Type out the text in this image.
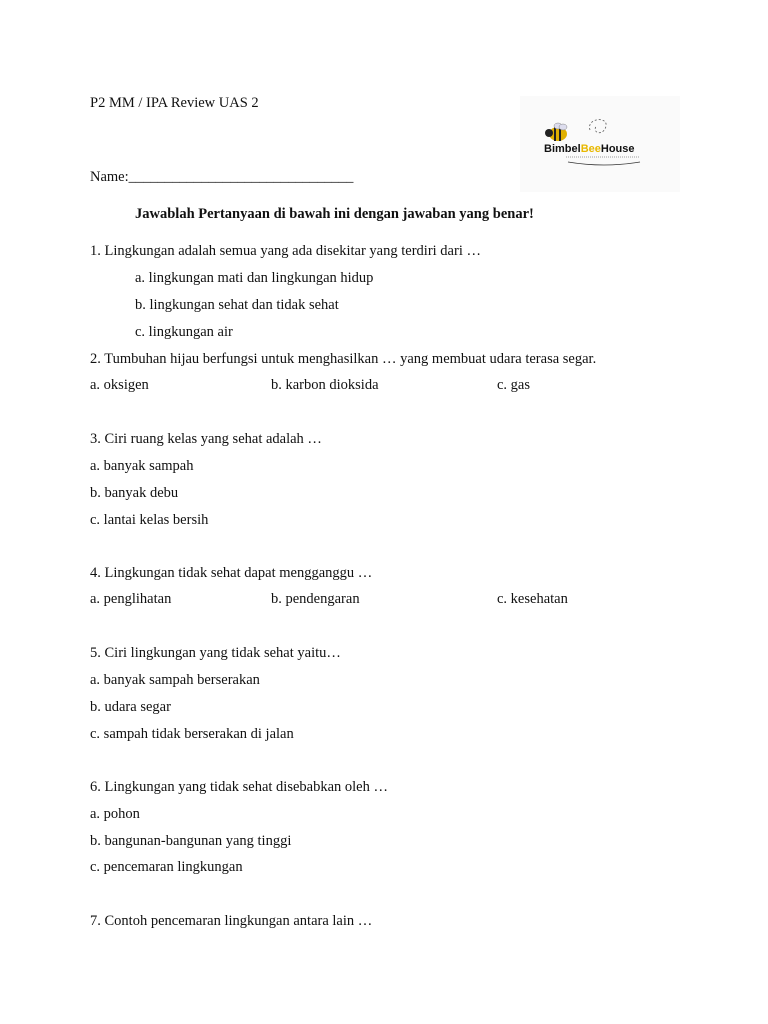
P2 MM / IPA Review UAS 2
BimbelBeeHouse
Name:_______________________________
Jawablah Pertanyaan di bawah ini dengan jawaban yang benar!
1. Lingkungan adalah semua yang ada disekitar yang terdiri dari …
a. lingkungan mati dan lingkungan hidup
b. lingkungan sehat dan tidak sehat
c. lingkungan air
2. Tumbuhan hijau berfungsi untuk menghasilkan … yang membuat udara terasa segar.
a. oksigen	b. karbon dioksida	c. gas
3. Ciri ruang kelas yang sehat adalah …
a. banyak sampah
b. banyak debu
c. lantai kelas bersih
4. Lingkungan tidak sehat dapat mengganggu …
a. penglihatan	b. pendengaran	c. kesehatan
5. Ciri lingkungan yang tidak sehat yaitu…
a. banyak sampah berserakan
b. udara segar
c. sampah tidak berserakan di jalan
6. Lingkungan yang tidak sehat disebabkan oleh …
a. pohon
b. bangunan-bangunan yang tinggi
c. pencemaran lingkungan
7. Contoh pencemaran lingkungan antara lain …
